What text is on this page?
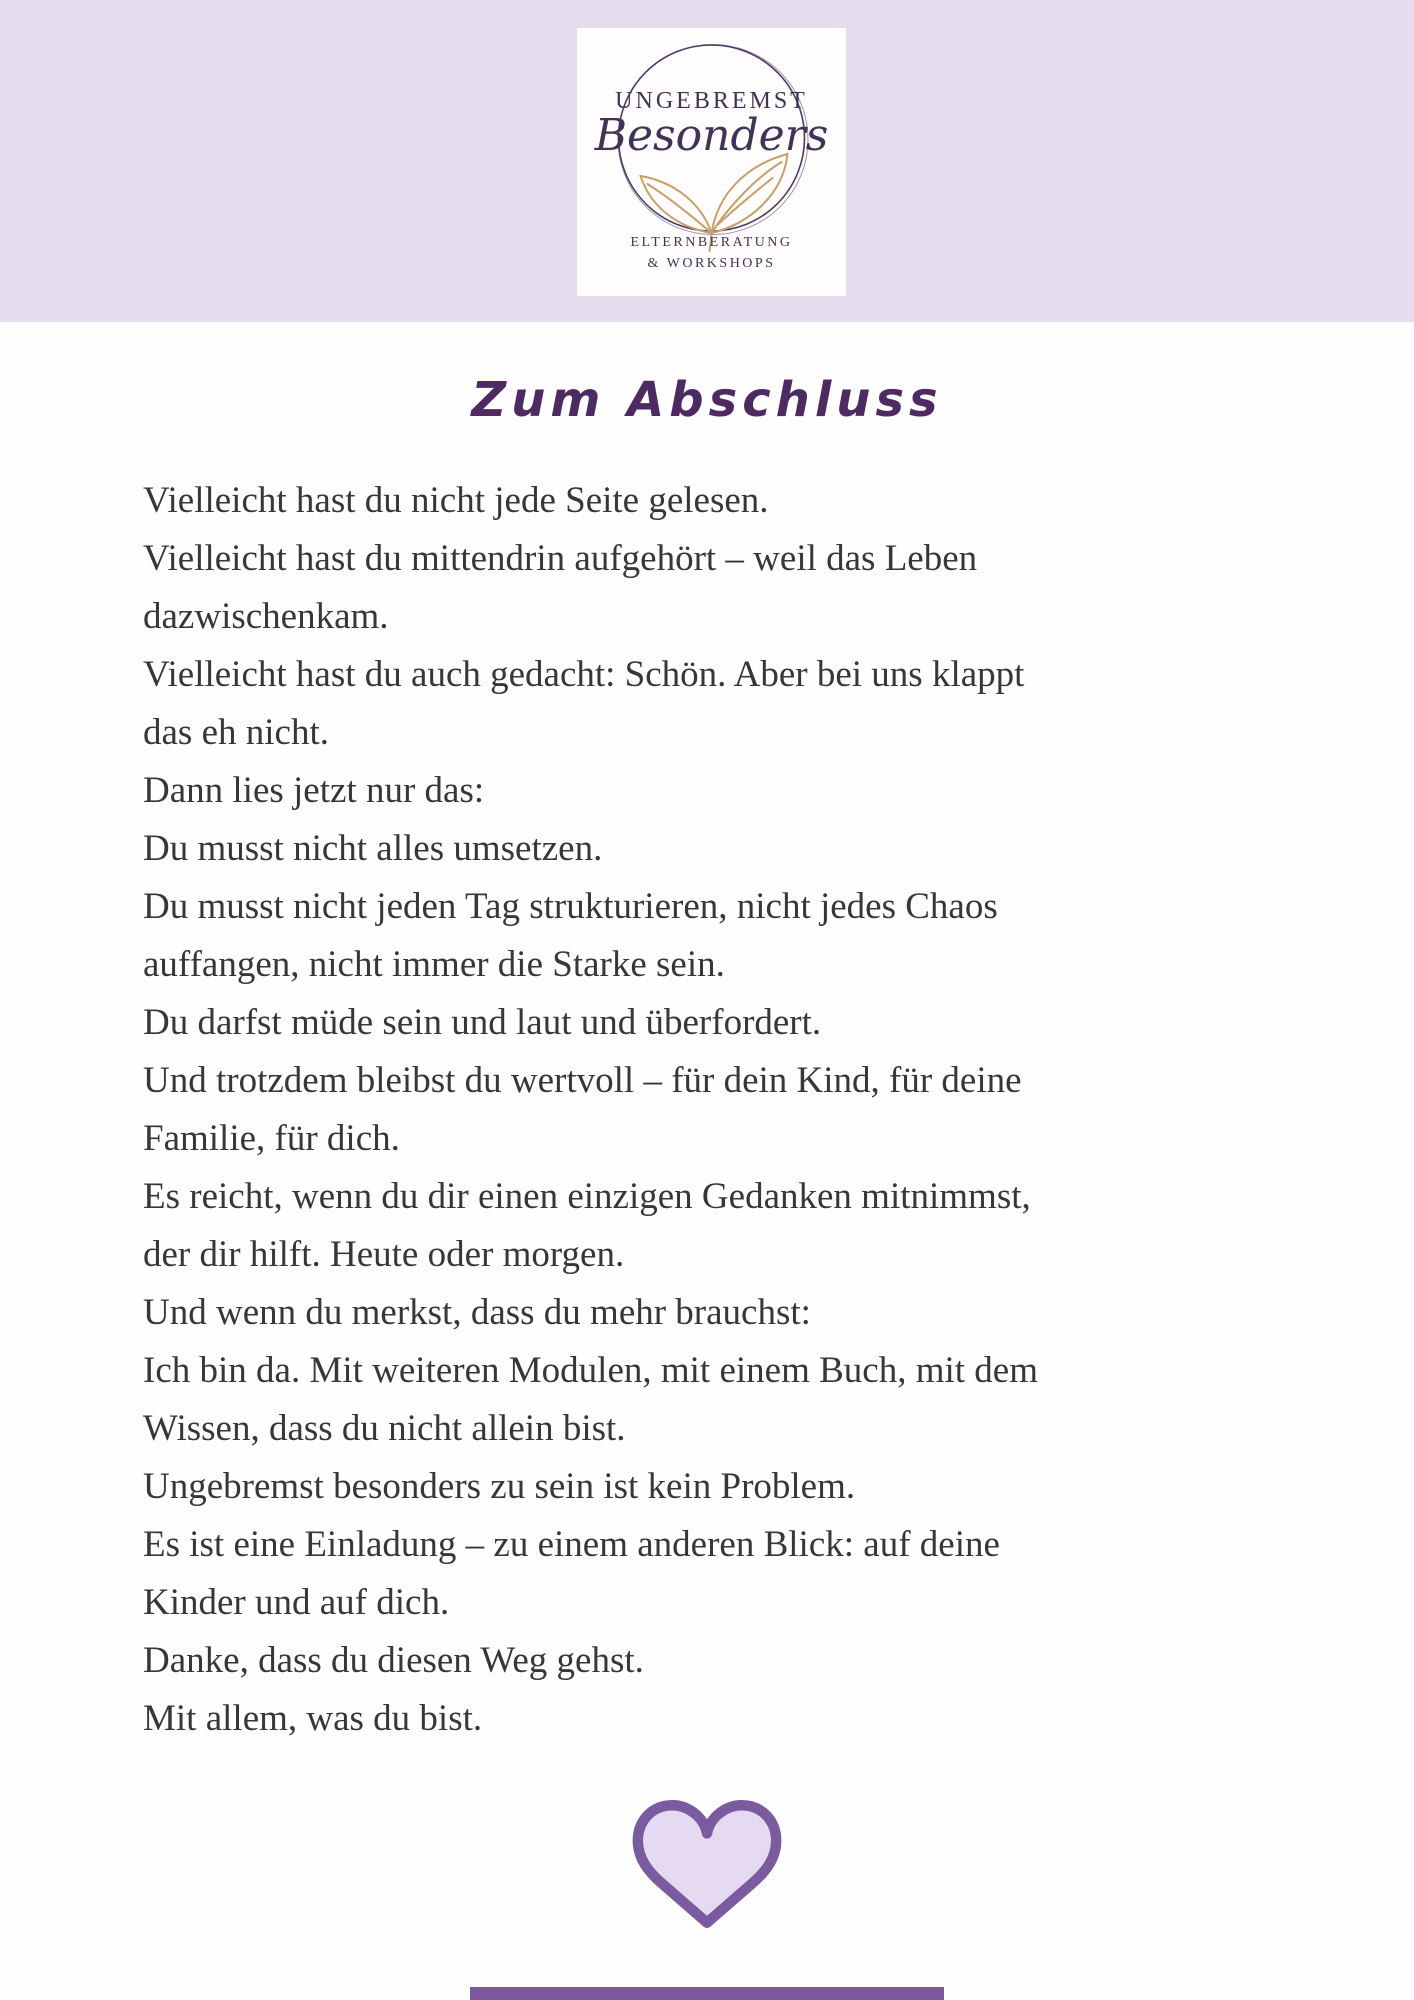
UNGEBREMST
Besonders
ELTERNBERATUNG
& WORKSHOPS
Zum Abschluss
Vielleicht hast du nicht jede Seite gelesen.
Vielleicht hast du mittendrin aufgehört – weil das Leben
dazwischenkam.
Vielleicht hast du auch gedacht: Schön. Aber bei uns klappt
das eh nicht.
Dann lies jetzt nur das:
Du musst nicht alles umsetzen.
Du musst nicht jeden Tag strukturieren, nicht jedes Chaos
auffangen, nicht immer die Starke sein.
Du darfst müde sein und laut und überfordert.
Und trotzdem bleibst du wertvoll – für dein Kind, für deine
Familie, für dich.
Es reicht, wenn du dir einen einzigen Gedanken mitnimmst,
der dir hilft. Heute oder morgen.
Und wenn du merkst, dass du mehr brauchst:
Ich bin da. Mit weiteren Modulen, mit einem Buch, mit dem
Wissen, dass du nicht allein bist.
Ungebremst besonders zu sein ist kein Problem.
Es ist eine Einladung – zu einem anderen Blick: auf deine
Kinder und auf dich.
Danke, dass du diesen Weg gehst.
Mit allem, was du bist.
